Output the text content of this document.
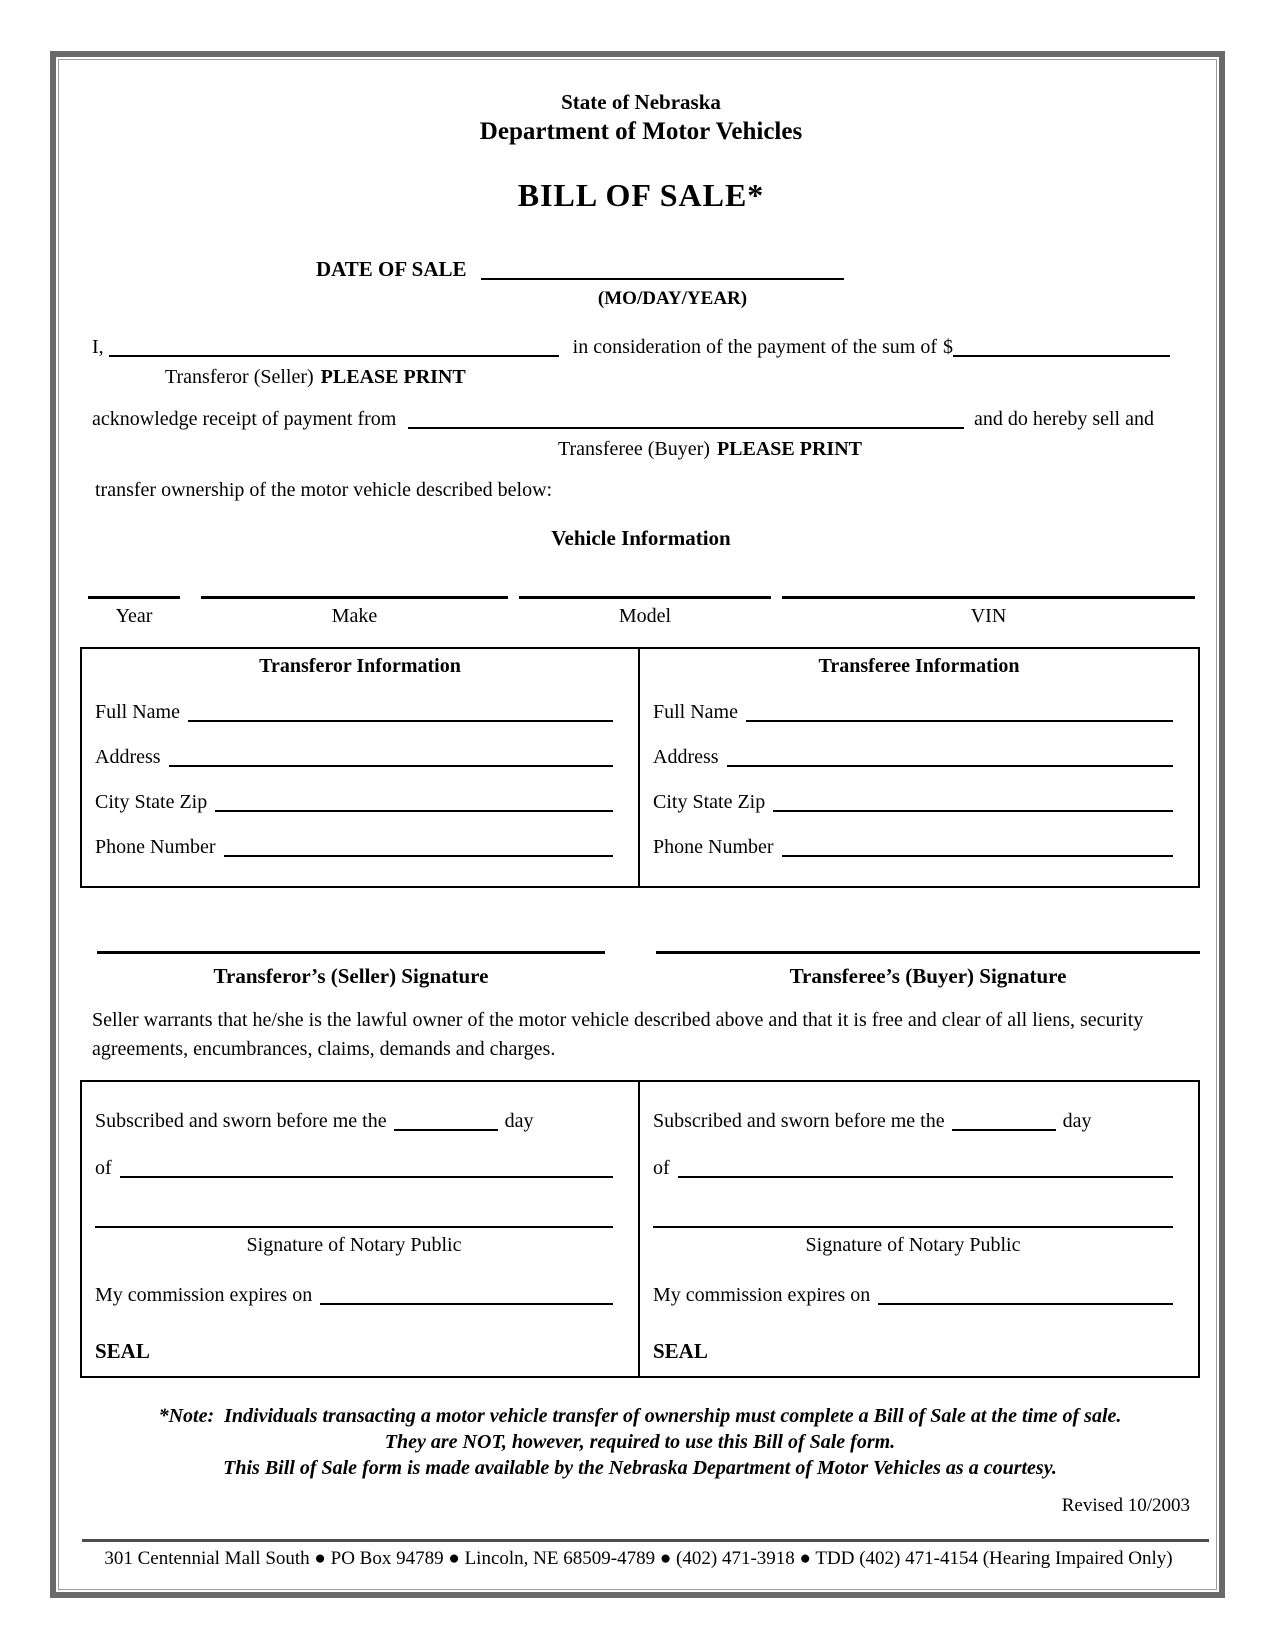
State of Nebraska
Department of Motor Vehicles
BILL OF SALE*
DATE OF SALE
(MO/DAY/YEAR)
I,	in consideration of the payment of the sum of $
Transferor (Seller) PLEASE PRINT
acknowledge receipt of payment from	and do hereby sell and
Transferee (Buyer) PLEASE PRINT
transfer ownership of the motor vehicle described below:
Vehicle Information
Year	Make	Model	VIN
Transferor Information
Full Name
Address
City State Zip
Phone Number
Transferee Information
Full Name
Address
City State Zip
Phone Number
Transferor’s (Seller) Signature	Transferee’s (Buyer) Signature
Seller warrants that he/she is the lawful owner of the motor vehicle described above and that it is free and clear of all liens, security agreements, encumbrances, claims, demands and charges.
Subscribed and sworn before me the	day
of
Signature of Notary Public
My commission expires on
SEAL
Subscribed and sworn before me the	day
of
Signature of Notary Public
My commission expires on
SEAL
*Note:  Individuals transacting a motor vehicle transfer of ownership must complete a Bill of Sale at the time of sale.
They are NOT, however, required to use this Bill of Sale form.
This Bill of Sale form is made available by the Nebraska Department of Motor Vehicles as a courtesy.
Revised 10/2003
301 Centennial Mall South ● PO Box 94789 ● Lincoln, NE 68509-4789 ● (402) 471-3918 ● TDD (402) 471-4154 (Hearing Impaired Only)
